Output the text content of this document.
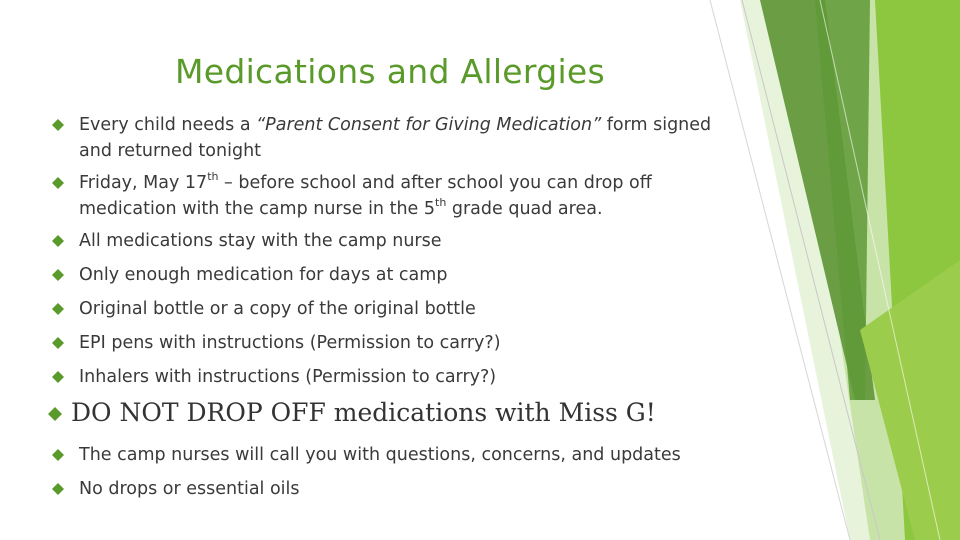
Medications and Allergies
Every child needs a “Parent Consent for Giving Medication” form signed and returned tonight
Friday, May 17th – before school and after school you can drop off medication with the camp nurse in the 5th grade quad area.
All medications stay with the camp nurse
Only enough medication for days at camp
Original bottle or a copy of the original bottle
EPI pens with instructions (Permission to carry?)
Inhalers with instructions (Permission to carry?)
DO NOT DROP OFF medications with Miss G!
The camp nurses will call you with questions, concerns, and updates
No drops or essential oils
